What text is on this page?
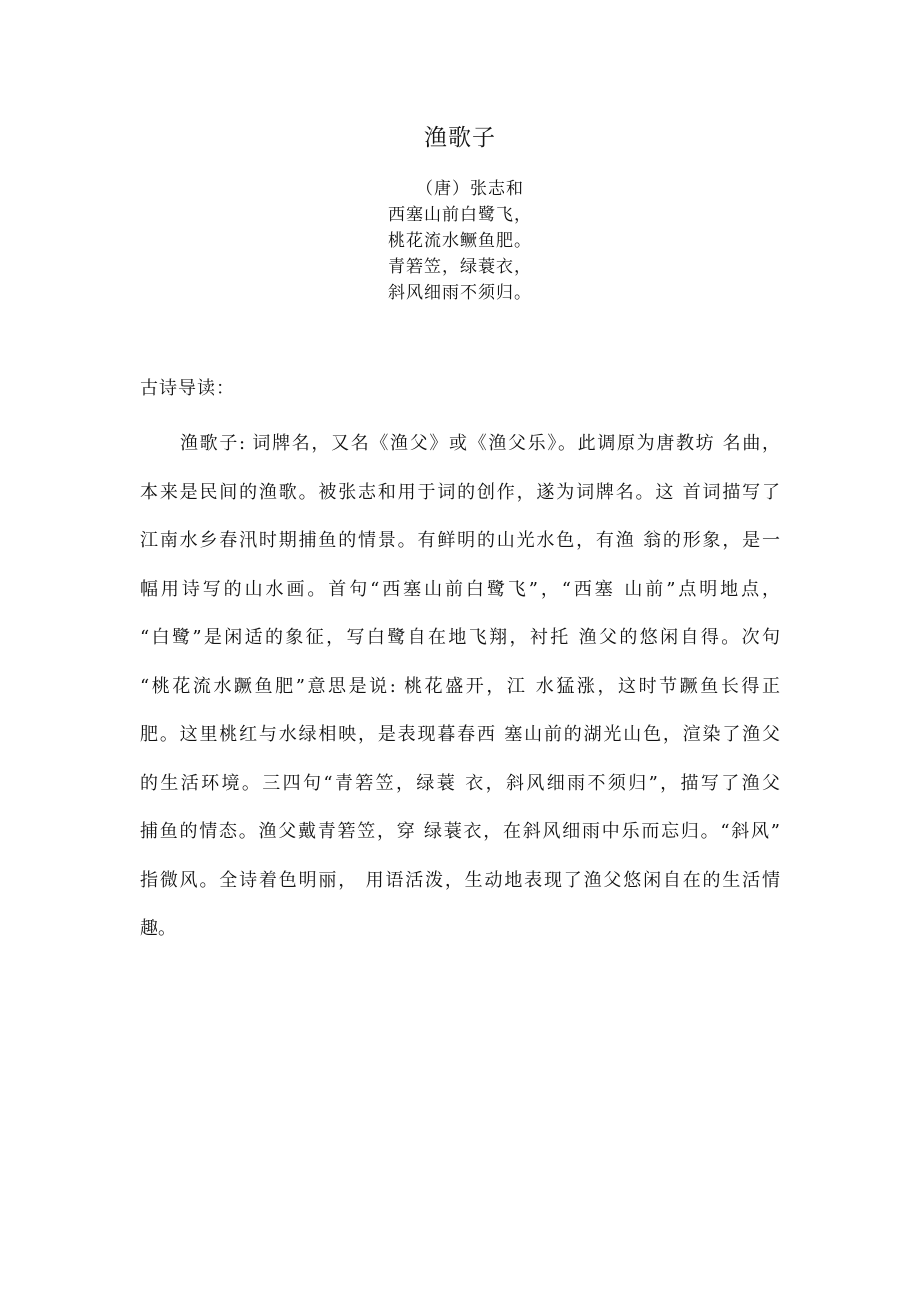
渔歌子
（唐）张志和
西塞山前白鹭飞，
桃花流水鳜鱼肥。
青箬笠，绿蓑衣，
斜风细雨不须归。
古诗导读：
渔歌子: 词牌名，又名《渔父》或《渔父乐》。此调原为唐教坊 名曲，
本来是民间的渔歌。被张志和用于词的创作，遂为词牌名。这 首词描写了
江南水乡春汛时期捕鱼的情景。有鲜明的山光水色，有渔 翁的形象，是一
幅用诗写的山水画。首句“西塞山前白鹭飞”，“西塞 山前”点明地点，
“白鹭”是闲适的象征，写白鹭自在地飞翔，衬托 渔父的悠闲自得。次句
“桃花流水蹶鱼肥”意思是说: 桃花盛开，江 水猛涨，这时节蹶鱼长得正
肥。这里桃红与水绿相映，是表现暮春西 塞山前的湖光山色，渲染了渔父
的生活环境。三四句“青箬笠，绿蓑 衣，斜风细雨不须归”，描写了渔父
捕鱼的情态。渔父戴青箬笠，穿 绿蓑衣，在斜风细雨中乐而忘归。“斜风”
指微风。全诗着色明丽， 用语活泼，生动地表现了渔父悠闲自在的生活情
趣。
